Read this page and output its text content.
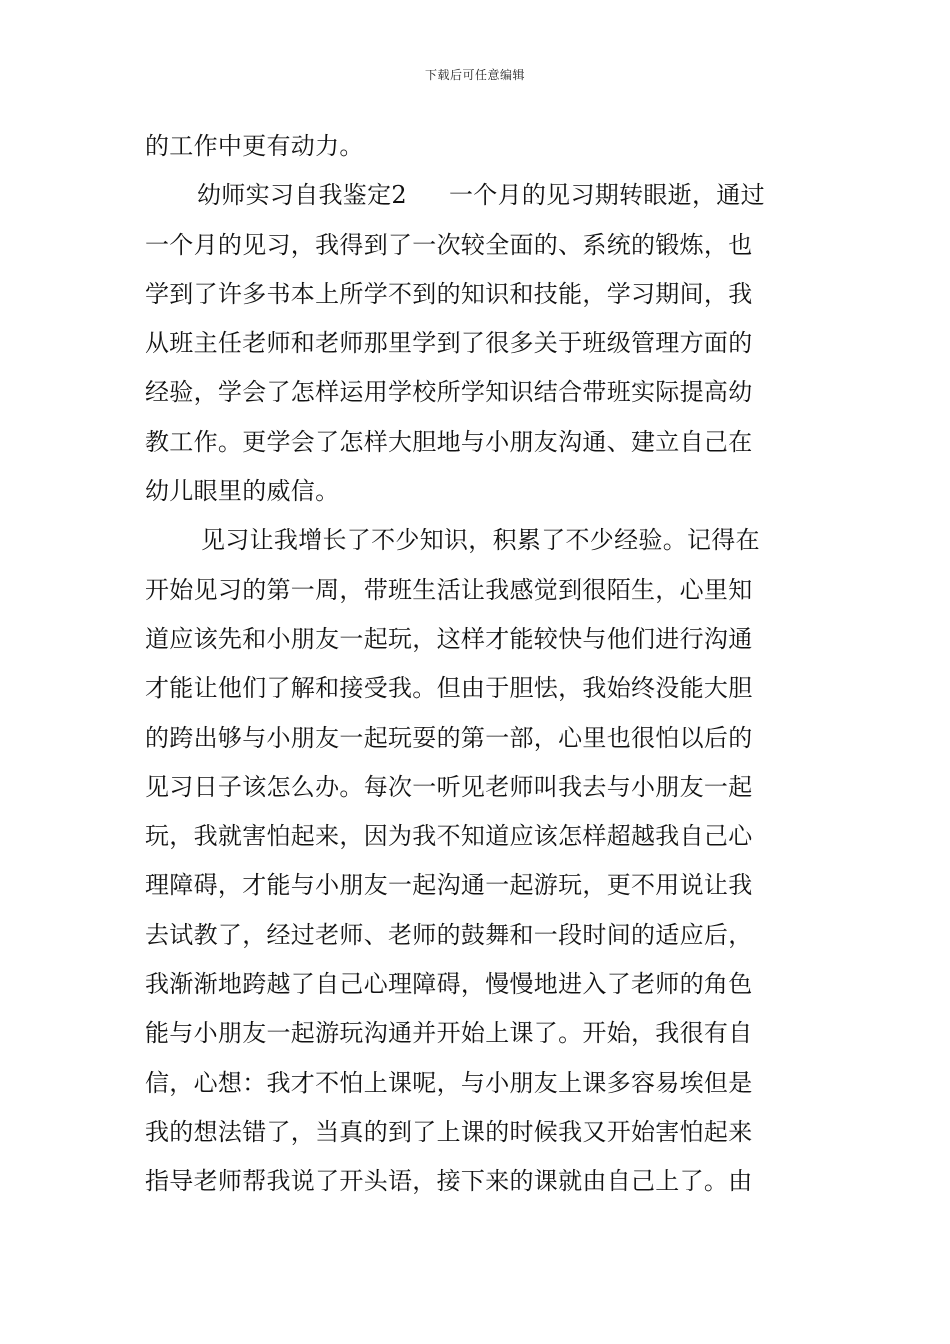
下载后可任意编辑
的工作中更有动力。
幼师实习自我鉴定2 一个月的见习期转眼逝，通过
一个月的见习，我得到了一次较全面的、系统的锻炼，也
学到了许多书本上所学不到的知识和技能，学习期间，我
从班主任老师和老师那里学到了很多关于班级管理方面的
经验，学会了怎样运用学校所学知识结合带班实际提高幼
教工作。更学会了怎样大胆地与小朋友沟通、建立自己在
幼儿眼里的威信。
见习让我增长了不少知识，积累了不少经验。记得在
开始见习的第一周，带班生活让我感觉到很陌生，心里知
道应该先和小朋友一起玩，这样才能较快与他们进行沟通
才能让他们了解和接受我。但由于胆怯，我始终没能大胆
的跨出够与小朋友一起玩耍的第一部，心里也很怕以后的
见习日子该怎么办。每次一听见老师叫我去与小朋友一起
玩，我就害怕起来，因为我不知道应该怎样超越我自己心
理障碍，才能与小朋友一起沟通一起游玩，更不用说让我
去试教了，经过老师、老师的鼓舞和一段时间的适应后，
我渐渐地跨越了自己心理障碍，慢慢地进入了老师的角色
能与小朋友一起游玩沟通并开始上课了。开始，我很有自
信，心想：我才不怕上课呢，与小朋友上课多容易埃但是
我的想法错了，当真的到了上课的时候我又开始害怕起来
指导老师帮我说了开头语，接下来的课就由自己上了。由
